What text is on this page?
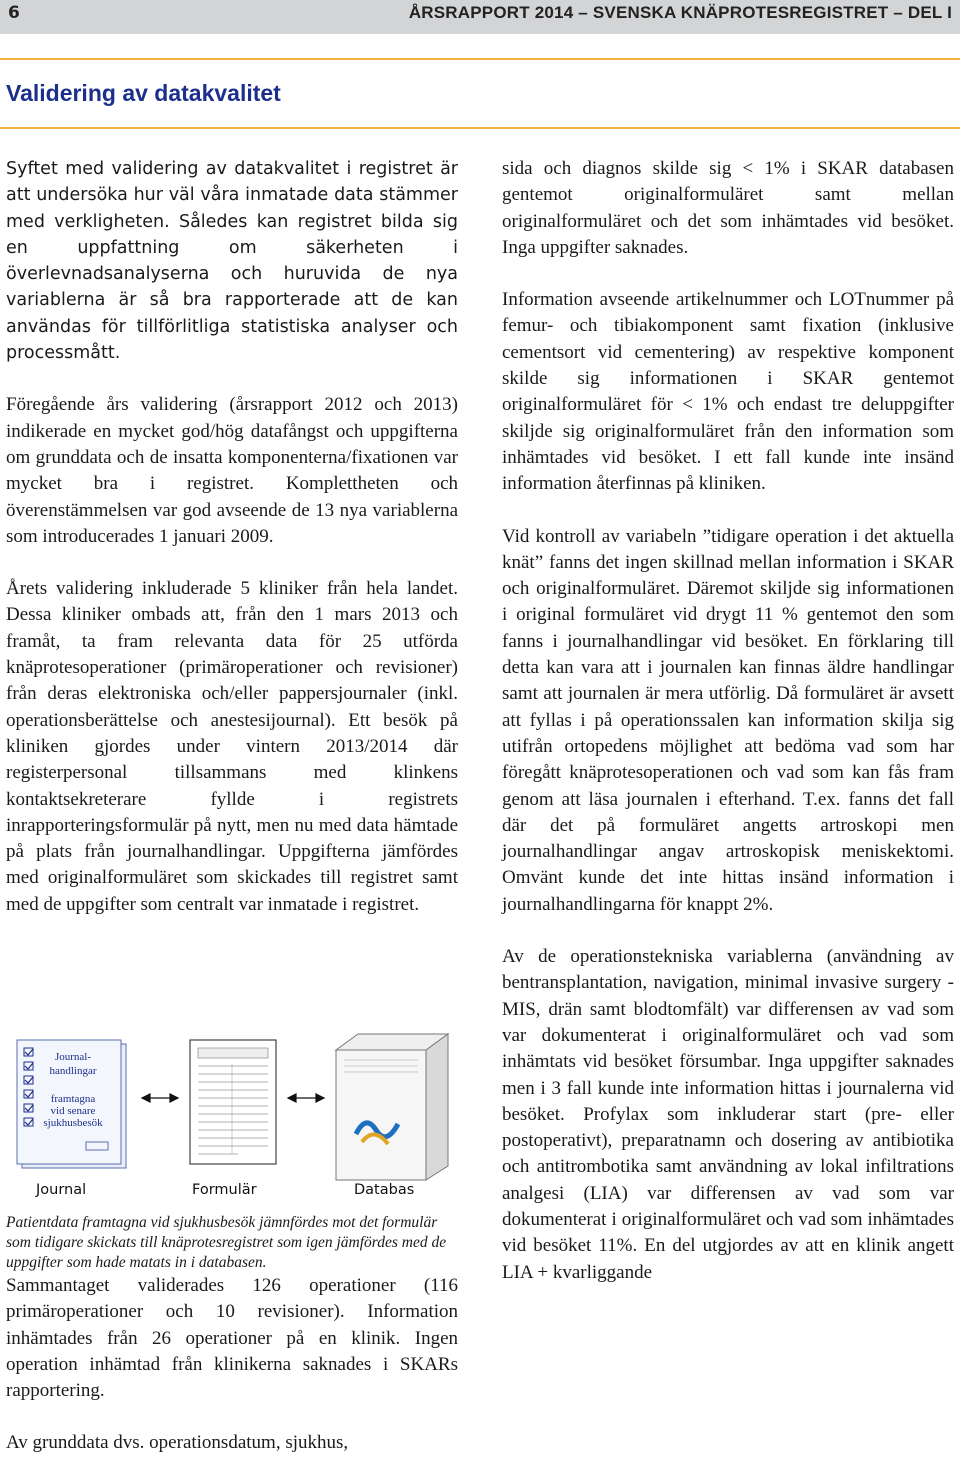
6	ÅRSRAPPORT 2014 – SVENSKA KNÄPROTESREGISTRET – DEL I
Validering av datakvalitet

Syftet med validering av datakvalitet i registret är att undersöka hur väl våra inmatade data stämmer med verkligheten. Således kan registret bilda sig en uppfattning om säkerheten i överlevnadsanalyserna och huruvida de nya variablerna är så bra rapporterade att de kan användas för tillförlitliga statistiska analyser och processmått.

Föregående års validering (årsrapport 2012 och 2013) indikerade en mycket god/hög datafångst och uppgifterna om grunddata och de insatta komponenterna/fixationen var mycket bra i registret. Komplettheten och överenstämmelsen var god avseende de 13 nya variablerna som introducerades 1 januari 2009.

Årets validering inkluderade 5 kliniker från hela landet. Dessa kliniker ombads att, från den 1 mars 2013 och framåt, ta fram relevanta data för 25 utförda knäprotesoperationer (primäroperationer och revisioner) från deras elektroniska och/eller pappersjournaler (inkl. operationsberättelse och anestesijournal). Ett besök på kliniken gjordes under vintern 2013/2014 där registerpersonal tillsammans med klinkens kontaktsekreterare fyllde i registrets inrapporteringsformulär på nytt, men nu med data hämtade på plats från journalhandlingar. Uppgifterna jämfördes med originalformuläret som skickades till registret samt med de uppgifter som centralt var inmatade i registret.

Journal-
handlingar
framtagna
vid senare
sjukhusbesök
Journal	Formulär	Databas

Patientdata framtagna vid sjukhusbesök jämnfördes mot det formulär som tidigare skickats till knäprotesregistret som igen jämfördes med de uppgifter som hade matats in i databasen.

Sammantaget validerades 126 operationer (116 primäroperationer och 10 revisioner). Information inhämtades från 26 operationer på en klinik. Ingen operation inhämtad från klinikerna saknades i SKARs rapportering.

Av grunddata dvs. operationsdatum, sjukhus,

sida och diagnos skilde sig < 1% i SKAR databasen gentemot originalformuläret samt mellan originalformuläret och det som inhämtades vid besöket. Inga uppgifter saknades.

Information avseende artikelnummer och LOTnummer på femur- och tibiakomponent samt fixation (inklusive cementsort vid cementering) av respektive komponent skilde sig informationen i SKAR gentemot originalformuläret för < 1% och endast tre deluppgifter skiljde sig originalformuläret från den information som inhämtades vid besöket. I ett fall kunde inte insänd information återfinnas på kliniken.

Vid kontroll av variabeln ”tidigare operation i det aktuella knät” fanns det ingen skillnad mellan information i SKAR och originalformuläret. Däremot skiljde sig informationen i original formuläret vid drygt 11 % gentemot den som fanns i journalhandlingar vid besöket. En förklaring till detta kan vara att i journalen kan finnas äldre handlingar samt att journalen är mera utförlig. Då formuläret är avsett att fyllas i på operationssalen kan information skilja sig utifrån ortopedens möjlighet att bedöma vad som har föregått knäprotesoperationen och vad som kan fås fram genom att läsa journalen i efterhand. T.ex. fanns det fall där det på formuläret angetts artroskopi men journalhandlingar angav artroskopisk meniskektomi. Omvänt kunde det inte hittas insänd information i journalhandlingarna för knappt 2%.

Av de operationstekniska variablerna (användning av bentransplantation, navigation, minimal invasive surgery - MIS, drän samt blodtomfält) var differensen av vad som var dokumenterat i originalformuläret och vad som inhämtats vid besöket försumbar. Inga uppgifter saknades men i 3 fall kunde inte information hittas i journalerna vid besöket. Profylax som inkluderar start (pre- eller postoperativt), preparatnamn och dosering av antibiotika och antitrombotika samt användning av lokal infiltrations analgesi (LIA) var differensen av vad som var dokumenterat i originalformuläret och vad som inhämtades vid besöket 11%. En del utgjordes av att en klinik angett LIA + kvarliggande
